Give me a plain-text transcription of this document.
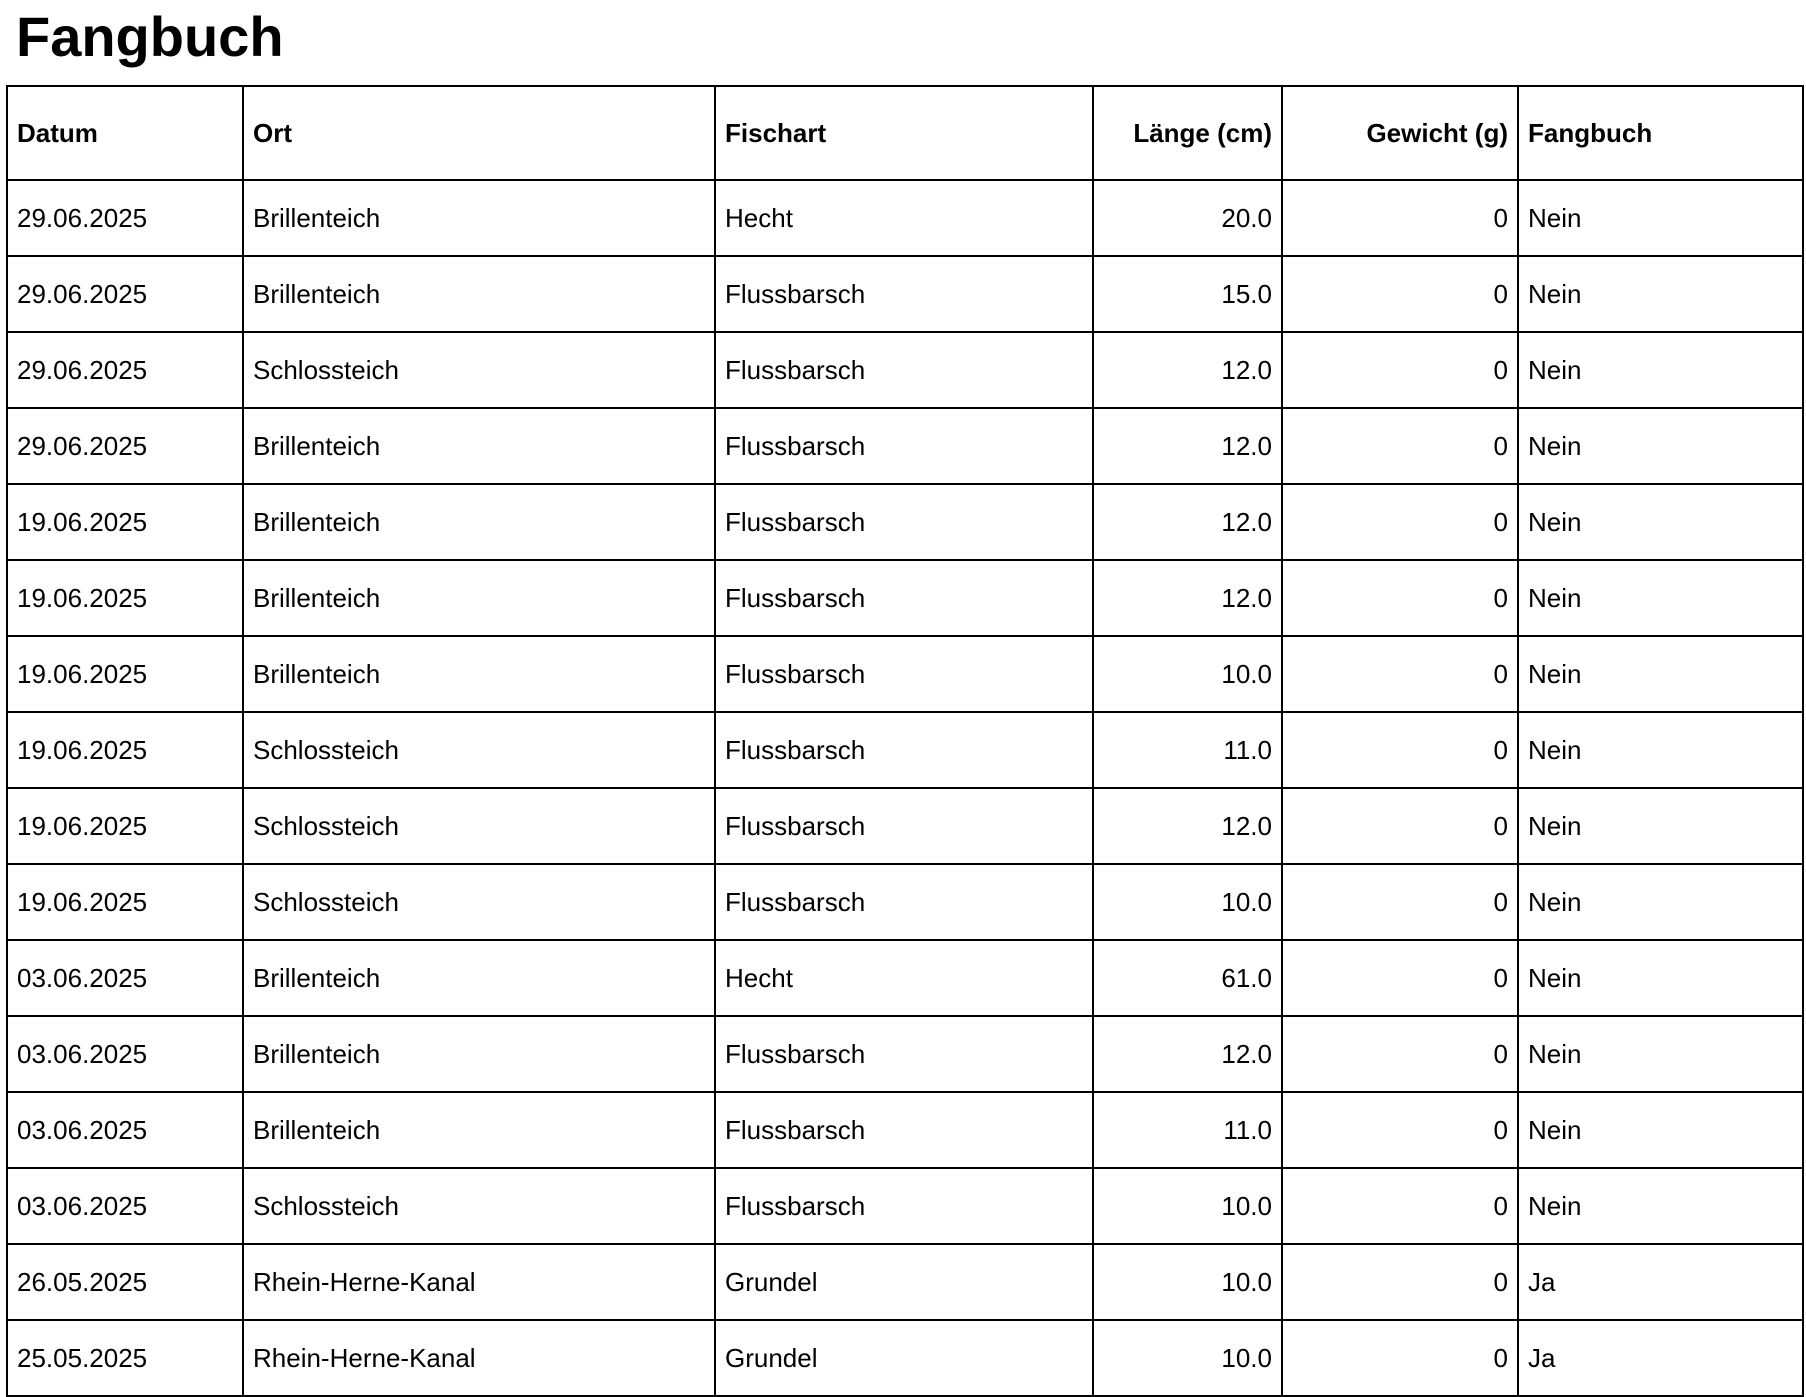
Fangbuch
Datum	Ort	Fischart	Länge (cm)	Gewicht (g)	Fangbuch
29.06.2025	Brillenteich	Hecht	20.0	0	Nein
29.06.2025	Brillenteich	Flussbarsch	15.0	0	Nein
29.06.2025	Schlossteich	Flussbarsch	12.0	0	Nein
29.06.2025	Brillenteich	Flussbarsch	12.0	0	Nein
19.06.2025	Brillenteich	Flussbarsch	12.0	0	Nein
19.06.2025	Brillenteich	Flussbarsch	12.0	0	Nein
19.06.2025	Brillenteich	Flussbarsch	10.0	0	Nein
19.06.2025	Schlossteich	Flussbarsch	11.0	0	Nein
19.06.2025	Schlossteich	Flussbarsch	12.0	0	Nein
19.06.2025	Schlossteich	Flussbarsch	10.0	0	Nein
03.06.2025	Brillenteich	Hecht	61.0	0	Nein
03.06.2025	Brillenteich	Flussbarsch	12.0	0	Nein
03.06.2025	Brillenteich	Flussbarsch	11.0	0	Nein
03.06.2025	Schlossteich	Flussbarsch	10.0	0	Nein
26.05.2025	Rhein-Herne-Kanal	Grundel	10.0	0	Ja
25.05.2025	Rhein-Herne-Kanal	Grundel	10.0	0	Ja
